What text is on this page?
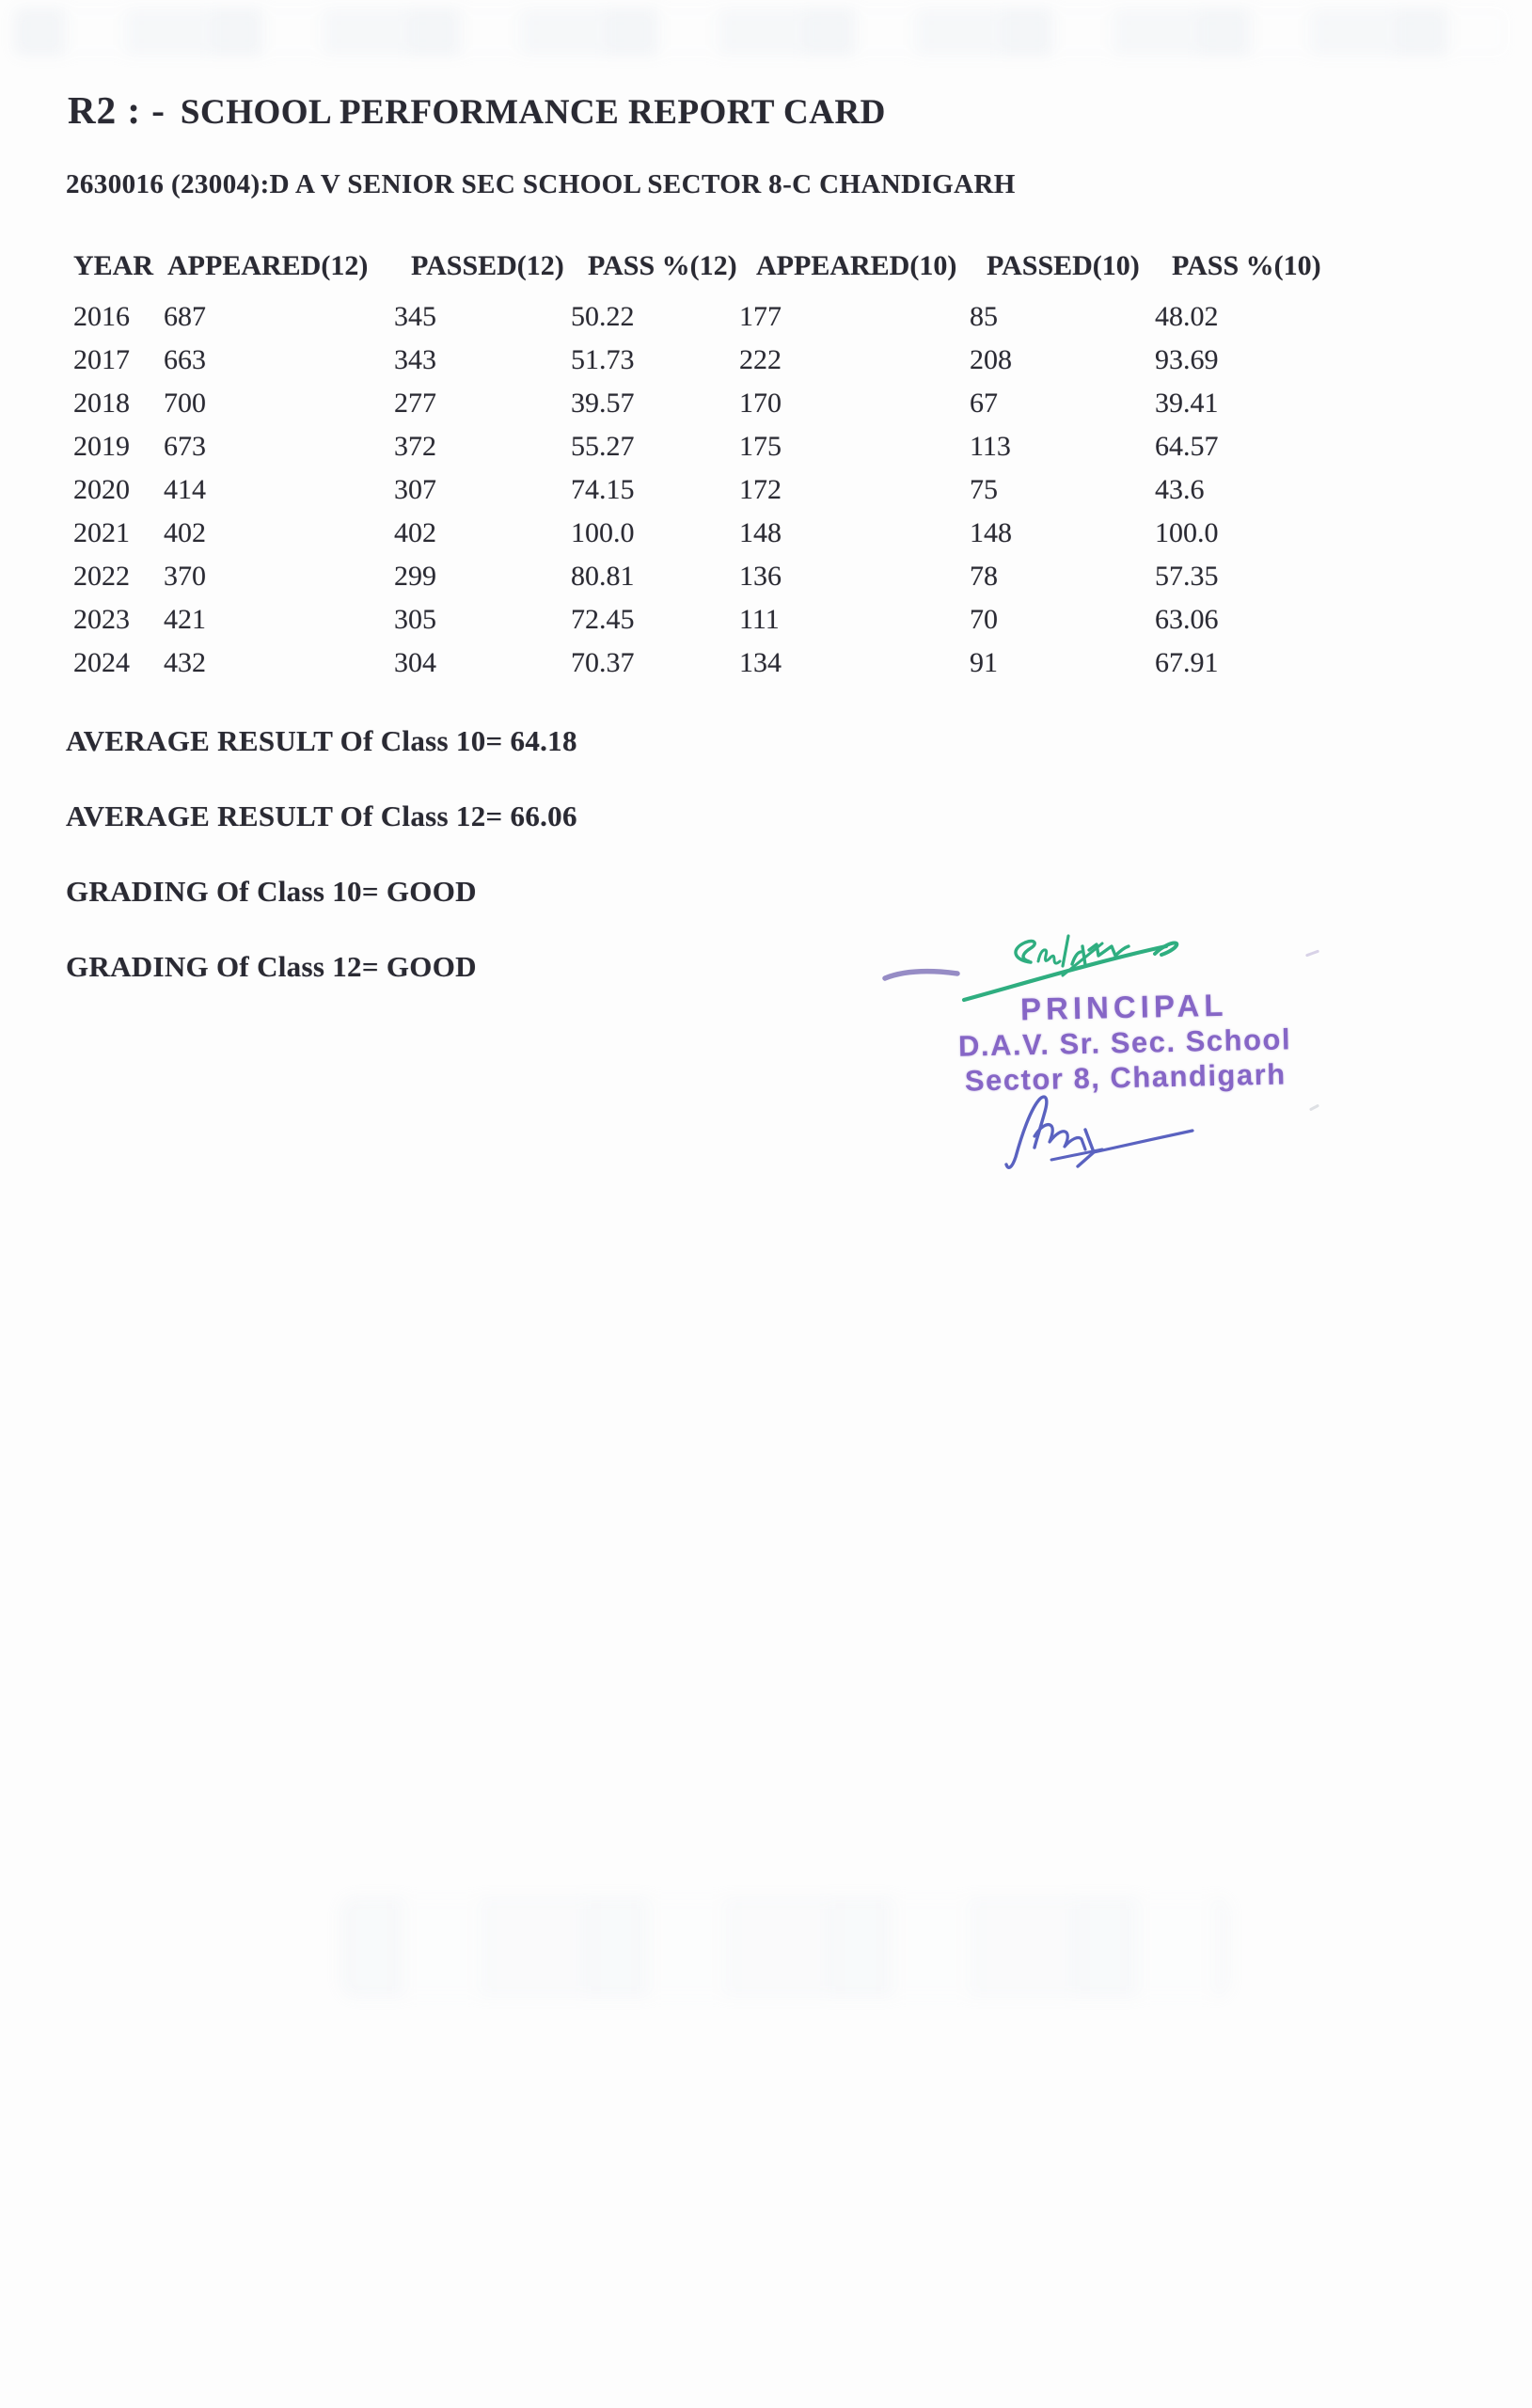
R2 : - SCHOOL PERFORMANCE REPORT CARD
2630016 (23004):D A V SENIOR SEC SCHOOL SECTOR 8-C CHANDIGARH
YEAR	APPEARED(12)	PASSED(12)	PASS %(12)	APPEARED(10)	PASSED(10)	PASS %(10)
2016	687	345	50.22	177	85	48.02
2017	663	343	51.73	222	208	93.69
2018	700	277	39.57	170	67	39.41
2019	673	372	55.27	175	113	64.57
2020	414	307	74.15	172	75	43.6
2021	402	402	100.0	148	148	100.0
2022	370	299	80.81	136	78	57.35
2023	421	305	72.45	111	70	63.06
2024	432	304	70.37	134	91	67.91
AVERAGE RESULT Of Class 10= 64.18
AVERAGE RESULT Of Class 12= 66.06
GRADING Of Class 10= GOOD
GRADING Of Class 12= GOOD
PRINCIPAL
D.A.V. Sr. Sec. School
Sector 8, Chandigarh
